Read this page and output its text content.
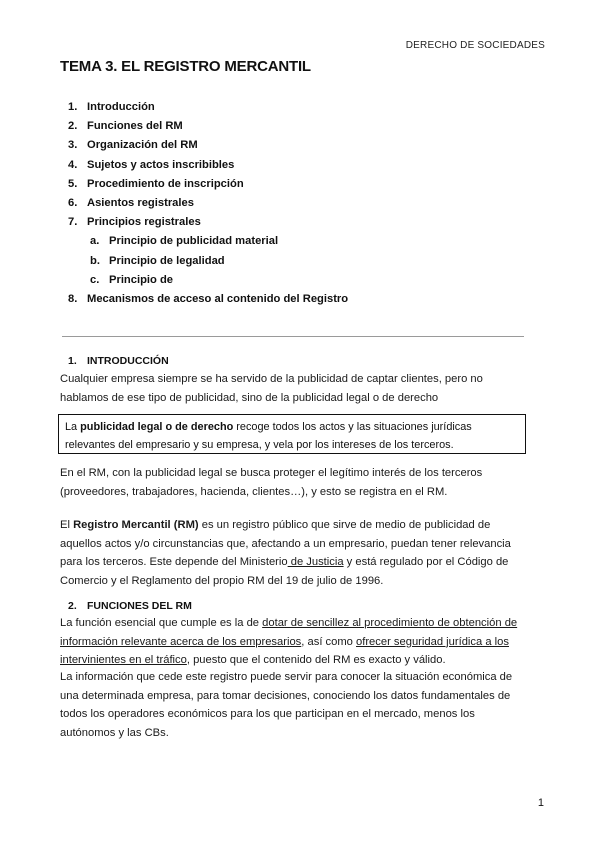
DERECHO DE SOCIEDADES
TEMA 3. EL REGISTRO MERCANTIL
1. Introducción
2. Funciones del RM
3. Organización del RM
4. Sujetos y actos inscribibles
5. Procedimiento de inscripción
6. Asientos registrales
7. Principios registrales
a. Principio de publicidad material
b. Principio de legalidad
c. Principio de
8. Mecanismos de acceso al contenido del Registro
1. INTRODUCCIÓN
Cualquier empresa siempre se ha servido de la publicidad de captar clientes, pero no hablamos de ese tipo de publicidad, sino de la publicidad legal o de derecho
La publicidad legal o de derecho recoge todos los actos y las situaciones jurídicas relevantes del empresario y su empresa, y vela por los intereses de los terceros.
En el RM, con la publicidad legal se busca proteger el legítimo interés de los terceros (proveedores, trabajadores, hacienda, clientes…), y esto se registra en el RM.
El Registro Mercantil (RM) es un registro público que sirve de medio de publicidad de aquellos actos y/o circunstancias que, afectando a un empresario, puedan tener relevancia para los terceros. Este depende del Ministerio de Justicia y está regulado por el Código de Comercio y el Reglamento del propio RM del 19 de julio de 1996.
2. FUNCIONES DEL RM
La función esencial que cumple es la de dotar de sencillez al procedimiento de obtención de información relevante acerca de los empresarios, así como ofrecer seguridad jurídica a los intervinientes en el tráfico, puesto que el contenido del RM es exacto y válido.
La información que cede este registro puede servir para conocer la situación económica de una determinada empresa, para tomar decisiones, conociendo los datos fundamentales de todos los operadores económicos para los que participan en el mercado, menos los autónomos y las CBs.
1
